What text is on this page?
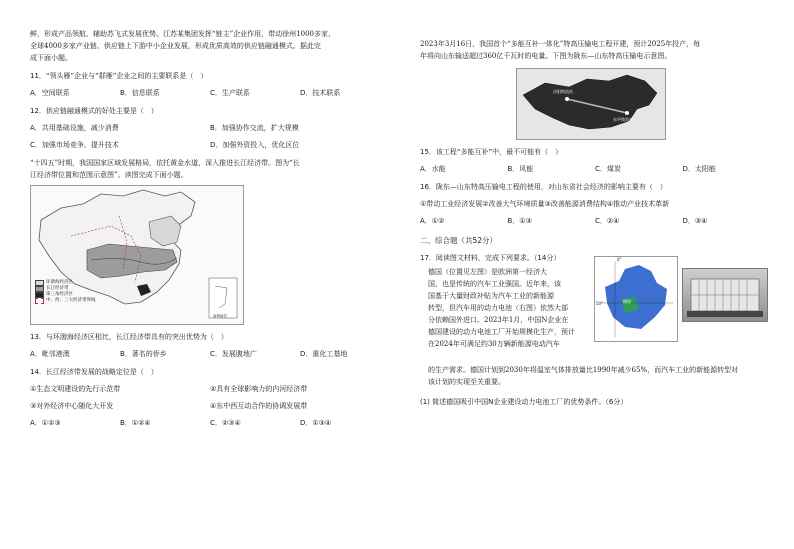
鲜，形成产品领航、辅助苏飞式发展优势。江苏某集团发挥“链主”企业作用，带动徐州1000多家、

全球4000多家产业链、供应链上下游中小企业发展，形成优质高效的供应链融通模式。据此完

成下面小题。

11．“领头雁”企业与“群雁”企业之间的主要联系是（　）
A．空间联系	B．信息联系	C．生产联系	D．技术联系
12．供应链融通模式的好处主要是（　）
A．共用基础设施，减少消费	B．加强协作交流，扩大规模
C．加强市场竞争，提升技术	D．加强外资投入，优化区位

“十四五”时期，我国国家区域发展格局，依托黄金水道，深入推进长江经济带。图为“长

江经济带位置和范围示意图”。读图完成下面小题。

环渤海经济区
长江经济带
珠三角经济区
中、西、三大经济带界线
南海诸岛
13．与环渤海经济区相比，长江经济带具有的突出优势为（　）
A．毗邻港澳	B．著名的侨乡	C．发展腹地广	D．重化工基地
14．长江经济带发展的战略定位是（　）
①生态文明建设的先行示范带	②具有全球影响力的内河经济带
③对外经济中心随化大开发	④东中西互动合作的协调发展带
A．①②③	B．①②④	C．②③④	D．①③④

2023年3月16日，我国首个“多能互补一体化”特高压输电工程开建，预计2025年投产，每

年将向山东输送超过360亿千瓦时的电量。下图为陇东—山东特高压输电示意图。

庆阳换流站
东平换流站
15．该工程“多能互补”中，最不可能有（　）
A．水能	B．风能	C．煤炭	D．太阳能
16．陇东—山东特高压输电工程的使用，对山东省社会经济的影响主要有（　）
①带动工业经济发展②改善大气环境质量③改善能源消费结构④推动产业技术革新
A．①②	B．①③	C．②④	D．③④
二、综合题（共52分）
17．阅读图文材料，完成下列要求。（14分）

德国（位置见左图）是欧洲第一经济大

国，也是传统的汽车工业强国。近年来，该

国基于大量财政补贴为汽车工业的新能源

转型，但汽车用的动力电池（右图）依然大部

分依赖国外进口。2023年1月，中国N企业在

德国建设的动力电池工厂开始规模化生产，预计

在2024年可满足约30万辆新能源电动汽车

德国
50°
0°

的生产需求。德国计划到2030年将温室气体排放量比1990年减少65%，而汽车工业的新能源转型对

该计划的实现至关重要。

(1) 简述德国吸引中国N企业建设动力电池工厂的优势条件。（6分）
